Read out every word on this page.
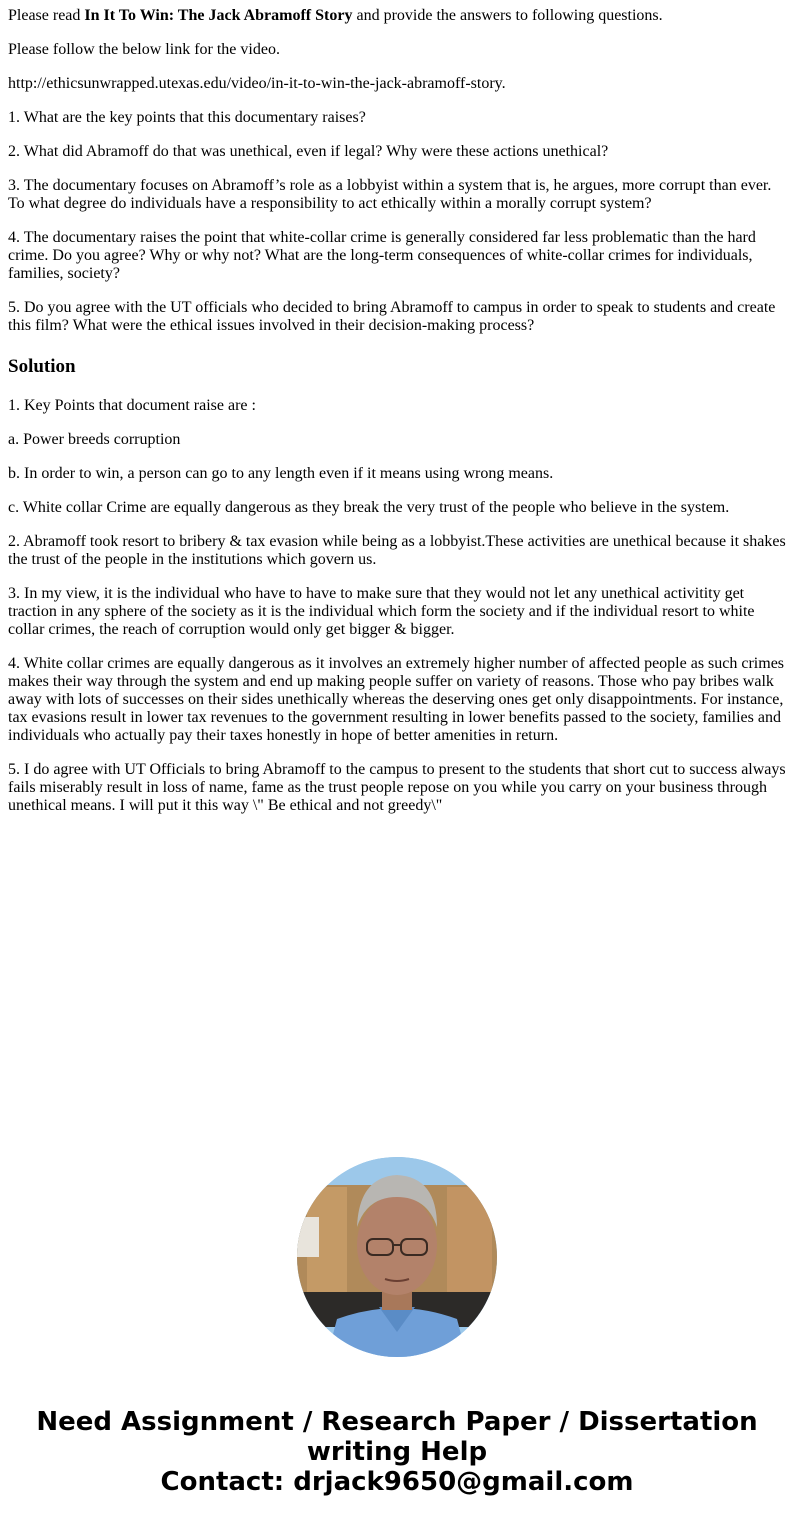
Please read In It To Win: The Jack Abramoff Story and provide the answers to following questions.

Please follow the below link for the video.

http://ethicsunwrapped.utexas.edu/video/in-it-to-win-the-jack-abramoff-story.

1. What are the key points that this documentary raises?

2. What did Abramoff do that was unethical, even if legal? Why were these actions unethical?

3. The documentary focuses on Abramoff’s role as a lobbyist within a system that is, he argues, more corrupt than ever. To what degree do individuals have a responsibility to act ethically within a morally corrupt system?

4. The documentary raises the point that white-collar crime is generally considered far less problematic than the hard crime. Do you agree? Why or why not? What are the long-term consequences of white-collar crimes for individuals, families, society?

5. Do you agree with the UT officials who decided to bring Abramoff to campus in order to speak to students and create this film? What were the ethical issues involved in their decision-making process?

Solution

1. Key Points that document raise are :

a. Power breeds corruption

b. In order to win, a person can go to any length even if it means using wrong means.

c. White collar Crime are equally dangerous as they break the very trust of the people who believe in the system.

2. Abramoff took resort to bribery & tax evasion while being as a lobbyist.These activities are unethical because it shakes the trust of the people in the institutions which govern us.

3. In my view, it is the individual who have to have to make sure that they would not let any unethical activitity get traction in any sphere of the society as it is the individual which form the society and if the individual resort to white collar crimes, the reach of corruption would only get bigger & bigger.

4. White collar crimes are equally dangerous as it involves an extremely higher number of affected people as such crimes makes their way through the system and end up making people suffer on variety of reasons. Those who pay bribes walk away with lots of successes on their sides unethically whereas the deserving ones get only disappointments. For instance, tax evasions result in lower tax revenues to the government resulting in lower benefits passed to the society, families and individuals who actually pay their taxes honestly in hope of better amenities in return.

5. I do agree with UT Officials to bring Abramoff to the campus to present to the students that short cut to success always fails miserably result in loss of name, fame as the trust people repose on you while you carry on your business through unethical means. I will put it this way \" Be ethical and not greedy\"

Need Assignment / Research Paper / Dissertation
writing Help
Contact: drjack9650@gmail.com
